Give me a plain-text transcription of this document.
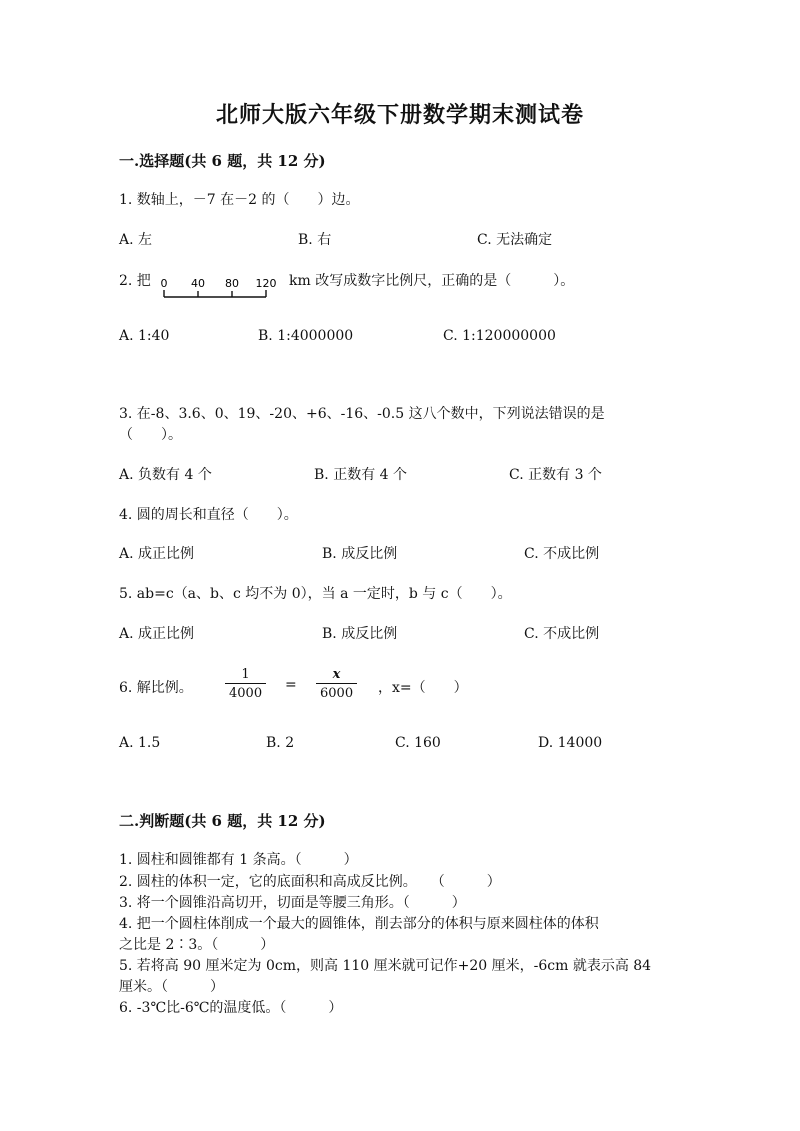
北师大版六年级下册数学期末测试卷
一.选择题(共 6 题，共 12 分)
1. 数轴上，－7 在－2 的（　　）边。
A. 左	B. 右	C. 无法确定
2. 把 0 40 80 120 km 改写成数字比例尺，正确的是（　　　）。
A. 1:40	B. 1:4000000	C. 1:120000000
3. 在-8、3.6、0、19、-20、+6、-16、-0.5 这八个数中，下列说法错误的是
（　　）。
A. 负数有 4 个	B. 正数有 4 个	C. 正数有 3 个
4. 圆的周长和直径（　　）。
A. 成正比例	B. 成反比例	C. 不成比例
5. ab=c（a、b、c 均不为 0），当 a 一定时，b 与 c（　　）。
A. 成正比例	B. 成反比例	C. 不成比例
6. 解比例。 $\frac{1}{4000} = \frac{x}{6000}$ ，x=（　　）
A. 1.5	B. 2	C. 160	D. 14000
二.判断题(共 6 题，共 12 分)
1. 圆柱和圆锥都有 1 条高。（　　　）
2. 圆柱的体积一定，它的底面积和高成反比例。　　（　　　）
3. 将一个圆锥沿高切开，切面是等腰三角形。（　　　）
4. 把一个圆柱体削成一个最大的圆锥体，削去部分的体积与原来圆柱体的体积
之比是 2∶3。（　　　）
5. 若将高 90 厘米定为 0cm，则高 110 厘米就可记作+20 厘米，-6cm 就表示高 84
厘米。（　　　）
6. -3℃比-6℃的温度低。（　　　）
